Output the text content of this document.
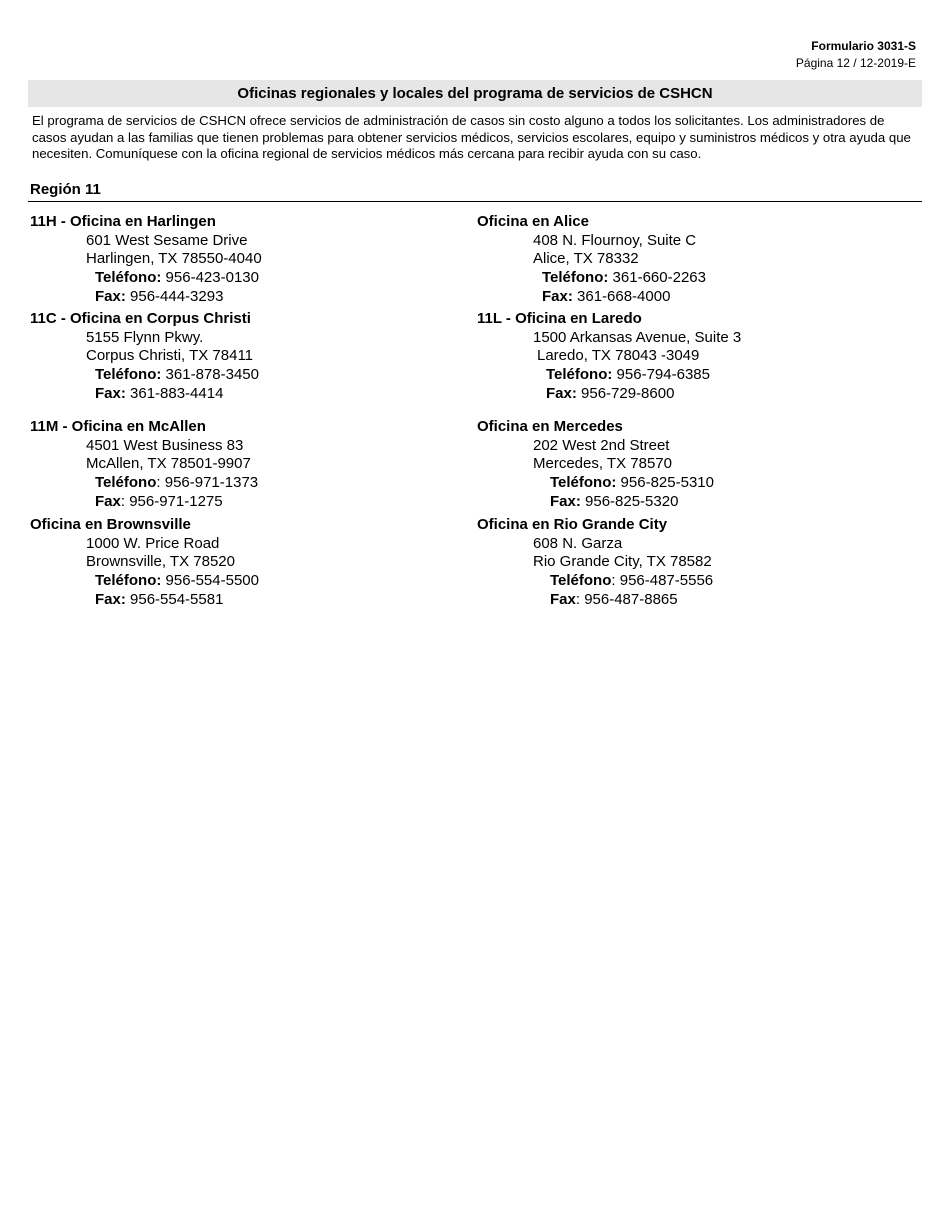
Formulario 3031-S
Página 12 / 12-2019-E
Oficinas regionales y locales del programa de servicios de CSHCN
El programa de servicios de CSHCN ofrece servicios de administración de casos sin costo alguno a todos los solicitantes. Los administradores de casos ayudan a las familias que tienen problemas para obtener servicios médicos, servicios escolares, equipo y suministros médicos y otra ayuda que necesiten. Comuníquese con la oficina regional de servicios médicos más cercana para recibir ayuda con su caso.
Región 11
11H - Oficina en Harlingen
601 West Sesame Drive
Harlingen, TX 78550-4040
Teléfono: 956-423-0130
Fax: 956-444-3293
11C - Oficina en Corpus Christi
5155 Flynn Pkwy.
Corpus Christi, TX 78411
Teléfono: 361-878-3450
Fax: 361-883-4414
11M - Oficina en McAllen
4501 West Business 83
McAllen, TX 78501-9907
Teléfono: 956-971-1373
Fax: 956-971-1275
Oficina en Brownsville
1000 W. Price Road
Brownsville, TX 78520
Teléfono: 956-554-5500
Fax: 956-554-5581
Oficina en Alice
408 N. Flournoy, Suite C
Alice, TX 78332
Teléfono: 361-660-2263
Fax: 361-668-4000
11L - Oficina en Laredo
1500 Arkansas Avenue, Suite 3
Laredo, TX 78043 -3049
Teléfono: 956-794-6385
Fax: 956-729-8600
Oficina en Mercedes
202 West 2nd Street
Mercedes, TX 78570
Teléfono: 956-825-5310
Fax: 956-825-5320
Oficina en Rio Grande City
608 N. Garza
Rio Grande City, TX 78582
Teléfono: 956-487-5556
Fax: 956-487-8865
